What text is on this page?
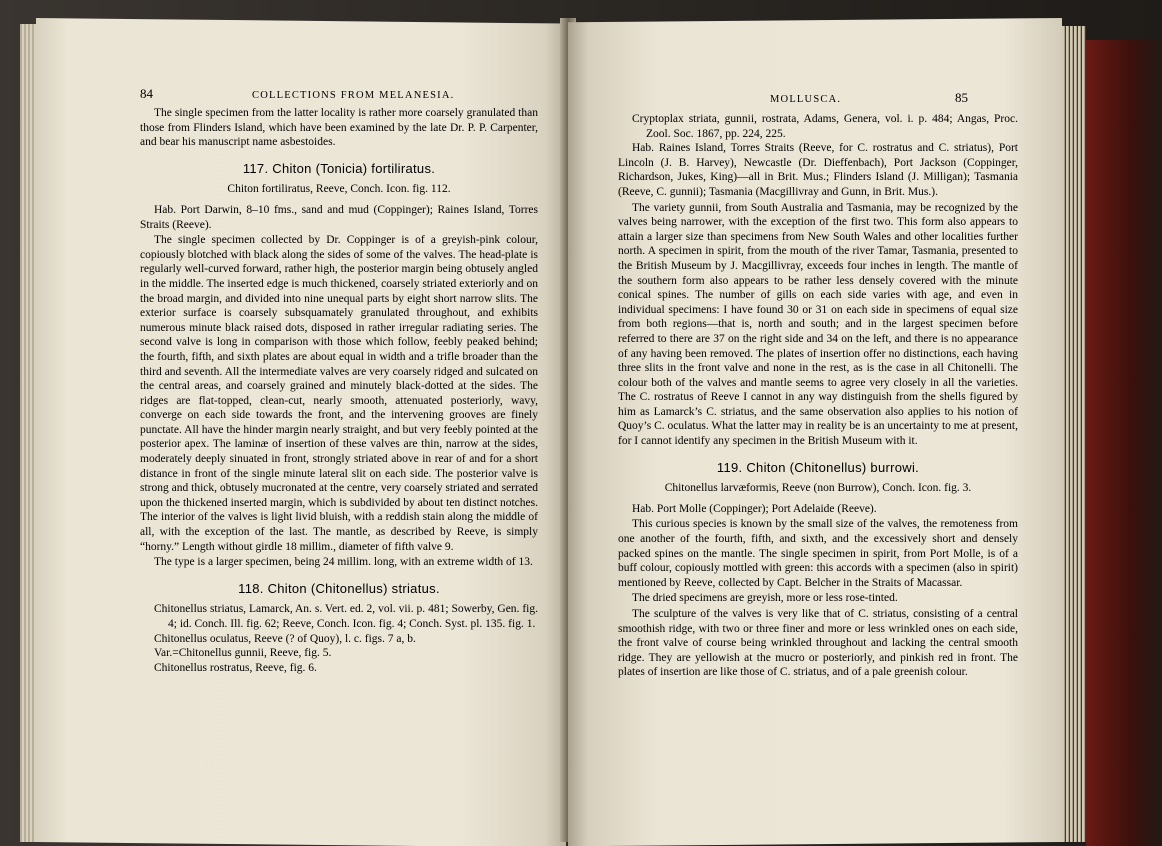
84	COLLECTIONS FROM MELANESIA.

The single specimen from the latter locality is rather more coarsely granulated than those from Flinders Island, which have been examined by the late Dr. P. P. Carpenter, and bear his manuscript name asbestoides.

117. Chiton (Tonicia) fortiliratus.

Chiton fortiliratus, Reeve, Conch. Icon. fig. 112.

Hab. Port Darwin, 8–10 fms., sand and mud (Coppinger); Raines Island, Torres Straits (Reeve).

The single specimen collected by Dr. Coppinger is of a greyish-pink colour, copiously blotched with black along the sides of some of the valves. The head-plate is regularly well-curved forward, rather high, the posterior margin being obtusely angled in the middle. The inserted edge is much thickened, coarsely striated exteriorly and on the broad margin, and divided into nine unequal parts by eight short narrow slits. The exterior surface is coarsely subsquamately granulated throughout, and exhibits numerous minute black raised dots, disposed in rather irregular radiating series. The second valve is long in comparison with those which follow, feebly peaked behind; the fourth, fifth, and sixth plates are about equal in width and a trifle broader than the third and seventh. All the intermediate valves are very coarsely ridged and sulcated on the central areas, and coarsely grained and minutely black-dotted at the sides. The ridges are flat-topped, clean-cut, nearly smooth, attenuated posteriorly, wavy, converge on each side towards the front, and the intervening grooves are finely punctate. All have the hinder margin nearly straight, and but very feebly pointed at the posterior apex. The laminæ of insertion of these valves are thin, narrow at the sides, moderately deeply sinuated in front, strongly striated above in rear of and for a short distance in front of the single minute lateral slit on each side. The posterior valve is strong and thick, obtusely mucronated at the centre, very coarsely striated and serrated upon the thickened inserted margin, which is subdivided by about ten distinct notches. The interior of the valves is light livid bluish, with a reddish stain along the middle of all, with the exception of the last. The mantle, as described by Reeve, is simply “horny.” Length without girdle 18 millim., diameter of fifth valve 9.

The type is a larger specimen, being 24 millim. long, with an extreme width of 13.

118. Chiton (Chitonellus) striatus.

Chitonellus striatus, Lamarck, An. s. Vert. ed. 2, vol. vii. p. 481; Sowerby, Gen. fig. 4; id. Conch. Ill. fig. 62; Reeve, Conch. Icon. fig. 4; Conch. Syst. pl. 135. fig. 1.

Chitonellus oculatus, Reeve (? of Quoy), l. c. figs. 7 a, b.

Var.=Chitonellus gunnii, Reeve, fig. 5.

Chitonellus rostratus, Reeve, fig. 6.

MOLLUSCA.	85

Cryptoplax striata, gunnii, rostrata, Adams, Genera, vol. i. p. 484; Angas, Proc. Zool. Soc. 1867, pp. 224, 225.

Hab. Raines Island, Torres Straits (Reeve, for C. rostratus and C. striatus), Port Lincoln (J. B. Harvey), Newcastle (Dr. Dieffenbach), Port Jackson (Coppinger, Richardson, Jukes, King)—all in Brit. Mus.; Flinders Island (J. Milligan); Tasmania (Reeve, C. gunnii); Tasmania (Macgillivray and Gunn, in Brit. Mus.).

The variety gunnii, from South Australia and Tasmania, may be recognized by the valves being narrower, with the exception of the first two. This form also appears to attain a larger size than specimens from New South Wales and other localities further north. A specimen in spirit, from the mouth of the river Tamar, Tasmania, presented to the British Museum by J. Macgillivray, exceeds four inches in length. The mantle of the southern form also appears to be rather less densely covered with the minute conical spines. The number of gills on each side varies with age, and even in individual specimens: I have found 30 or 31 on each side in specimens of equal size from both regions—that is, north and south; and in the largest specimen before referred to there are 37 on the right side and 34 on the left, and there is no appearance of any having been removed. The plates of insertion offer no distinctions, each having three slits in the front valve and none in the rest, as is the case in all Chitonelli. The colour both of the valves and mantle seems to agree very closely in all the varieties. The C. rostratus of Reeve I cannot in any way distinguish from the shells figured by him as Lamarck’s C. striatus, and the same observation also applies to his notion of Quoy’s C. oculatus. What the latter may in reality be is an uncertainty to me at present, for I cannot identify any specimen in the British Museum with it.

119. Chiton (Chitonellus) burrowi.

Chitonellus larvæformis, Reeve (non Burrow), Conch. Icon. fig. 3.

Hab. Port Molle (Coppinger); Port Adelaide (Reeve).

This curious species is known by the small size of the valves, the remoteness from one another of the fourth, fifth, and sixth, and the excessively short and densely packed spines on the mantle. The single specimen in spirit, from Port Molle, is of a buff colour, copiously mottled with green: this accords with a specimen (also in spirit) mentioned by Reeve, collected by Capt. Belcher in the Straits of Macassar.

The dried specimens are greyish, more or less rose-tinted.

The sculpture of the valves is very like that of C. striatus, consisting of a central smoothish ridge, with two or three finer and more or less wrinkled ones on each side, the front valve of course being wrinkled throughout and lacking the central smooth ridge. They are yellowish at the mucro or posteriorly, and pinkish red in front. The plates of insertion are like those of C. striatus, and of a pale greenish colour.
